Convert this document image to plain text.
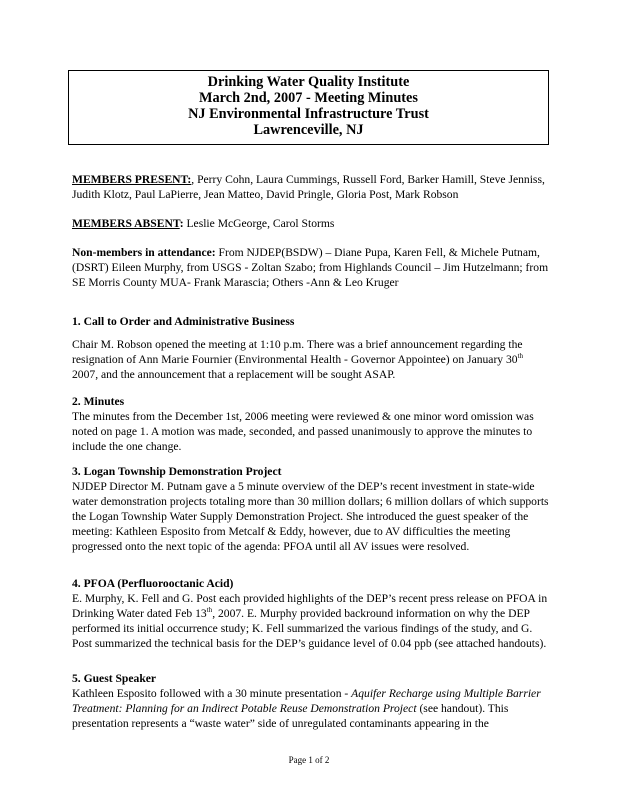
Drinking Water Quality Institute
March 2nd, 2007 - Meeting Minutes
NJ Environmental Infrastructure Trust
Lawrenceville, NJ

MEMBERS PRESENT:, Perry Cohn, Laura Cummings, Russell Ford, Barker Hamill, Steve Jenniss, Judith Klotz, Paul LaPierre, Jean Matteo, David Pringle, Gloria Post, Mark Robson

MEMBERS ABSENT: Leslie McGeorge, Carol Storms

Non-members in attendance: From NJDEP(BSDW) – Diane Pupa, Karen Fell, & Michele Putnam, (DSRT) Eileen Murphy, from USGS - Zoltan Szabo; from Highlands Council – Jim Hutzelmann; from SE Morris County MUA- Frank Marascia; Others -Ann & Leo Kruger

1. Call to Order and Administrative Business

Chair M. Robson opened the meeting at 1:10 p.m. There was a brief announcement regarding the resignation of Ann Marie Fournier (Environmental Health - Governor Appointee) on January 30th 2007, and the announcement that a replacement will be sought ASAP.

2. Minutes

The minutes from the December 1st, 2006 meeting were reviewed & one minor word omission was noted on page 1. A motion was made, seconded, and passed unanimously to approve the minutes to include the one change.

3. Logan Township Demonstration Project

NJDEP Director M. Putnam gave a 5 minute overview of the DEP’s recent investment in state-wide water demonstration projects totaling more than 30 million dollars; 6 million dollars of which supports the Logan Township Water Supply Demonstration Project. She introduced the guest speaker of the meeting: Kathleen Esposito from Metcalf & Eddy, however, due to AV difficulties the meeting progressed onto the next topic of the agenda: PFOA until all AV issues were resolved.

4. PFOA (Perfluorooctanic Acid)

E. Murphy, K. Fell and G. Post each provided highlights of the DEP’s recent press release on PFOA in Drinking Water dated Feb 13th, 2007. E. Murphy provided backround information on why the DEP performed its initial occurrence study; K. Fell summarized the various findings of the study, and G. Post summarized the technical basis for the DEP’s guidance level of 0.04 ppb (see attached handouts).

5. Guest Speaker

Kathleen Esposito followed with a 30 minute presentation - Aquifer Recharge using Multiple Barrier Treatment: Planning for an Indirect Potable Reuse Demonstration Project (see handout). This presentation represents a “waste water” side of unregulated contaminants appearing in the

Page 1 of 2
